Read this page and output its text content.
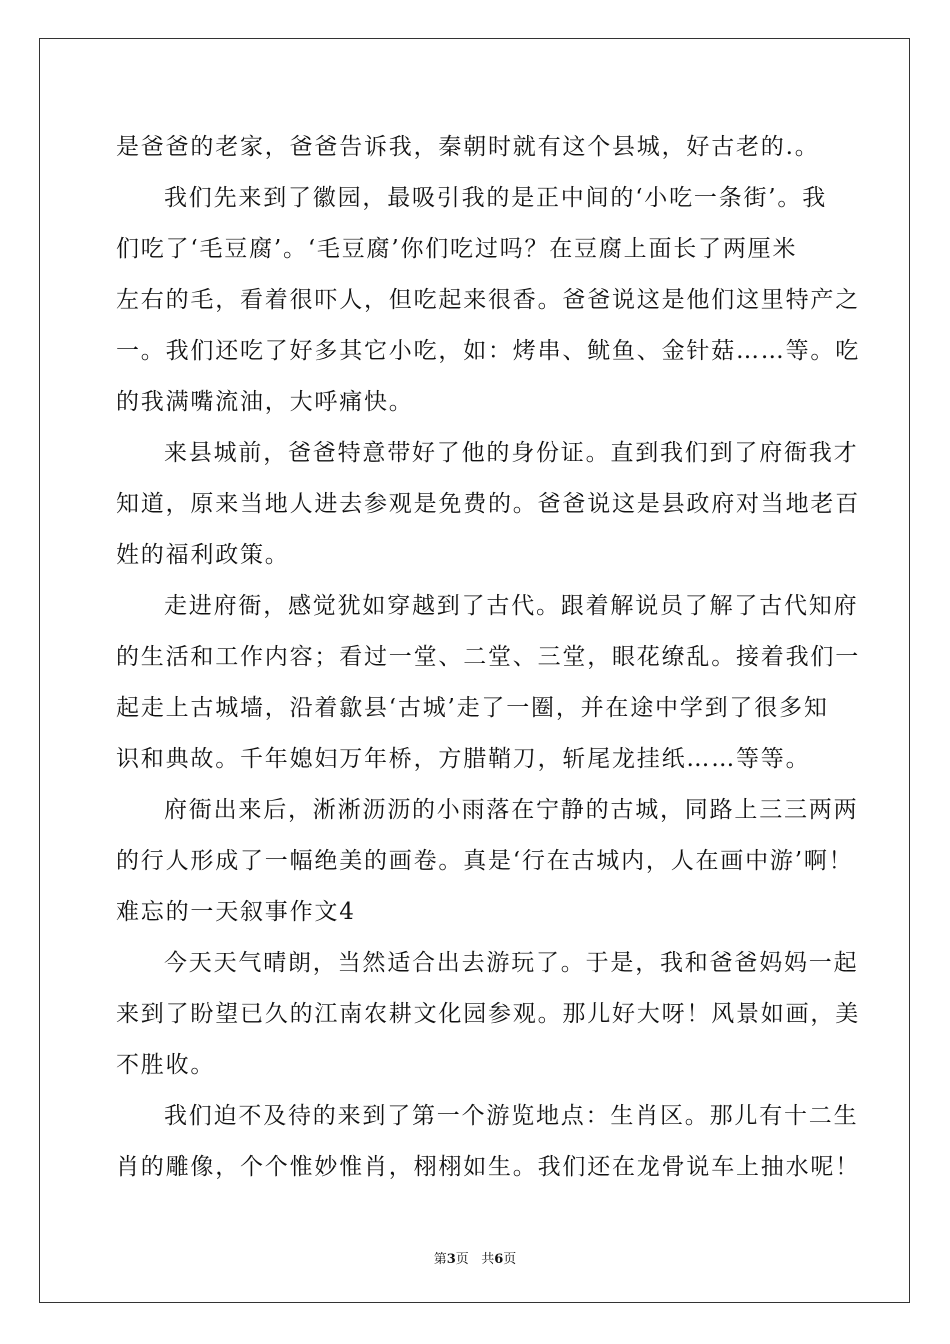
是爸爸的老家，爸爸告诉我，秦朝时就有这个县城，好古老的.。
我们先来到了徽园，最吸引我的是正中间的‘小吃一条街’。我
们吃了‘毛豆腐’。‘毛豆腐’你们吃过吗？在豆腐上面长了两厘米
左右的毛，看着很吓人，但吃起来很香。爸爸说这是他们这里特产之
一。我们还吃了好多其它小吃，如：烤串、鱿鱼、金针菇……等。吃
的我满嘴流油，大呼痛快。
来县城前，爸爸特意带好了他的身份证。直到我们到了府衙我才
知道，原来当地人进去参观是免费的。爸爸说这是县政府对当地老百
姓的福利政策。
走进府衙，感觉犹如穿越到了古代。跟着解说员了解了古代知府
的生活和工作内容；看过一堂、二堂、三堂，眼花缭乱。接着我们一
起走上古城墙，沿着歙县‘古城’走了一圈，并在途中学到了很多知
识和典故。千年媳妇万年桥，方腊鞘刀，斩尾龙挂纸……等等。
府衙出来后，淅淅沥沥的小雨落在宁静的古城，同路上三三两两
的行人形成了一幅绝美的画卷。真是‘行在古城内，人在画中游’啊！
难忘的一天叙事作文4
今天天气晴朗，当然适合出去游玩了。于是，我和爸爸妈妈一起
来到了盼望已久的江南农耕文化园参观。那儿好大呀！风景如画，美
不胜收。
我们迫不及待的来到了第一个游览地点：生肖区。那儿有十二生
肖的雕像，个个惟妙惟肖，栩栩如生。我们还在龙骨说车上抽水呢！
第3页 共6页
